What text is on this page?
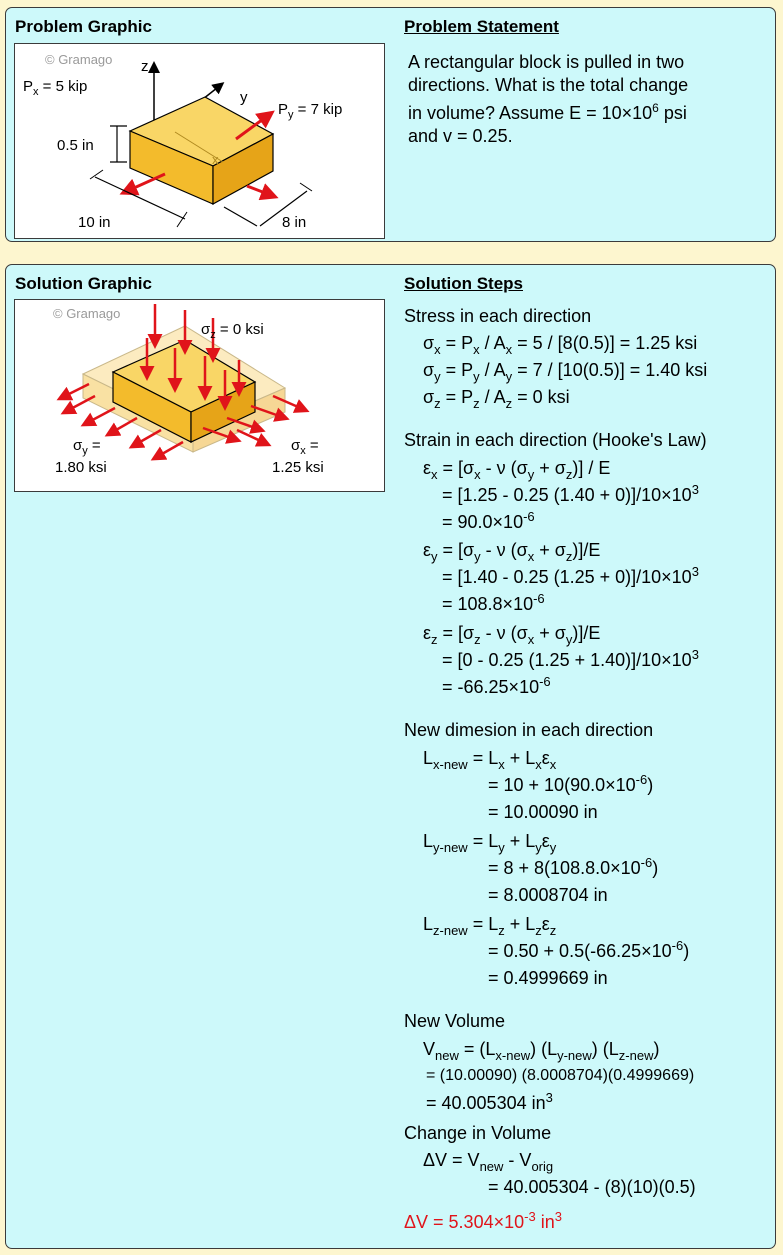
Problem Graphic	Problem Statement
© Gramago z
y
x
$P_x = 5$ kip
$P_y = 7$ kip
0.5 in
10 in	8 in
A rectangular block is pulled in two
directions. What is the total change
in volume? Assume $E = 10\times 10^6$ psi
and v = 0.25.
Solution Graphic	Solution Steps
© Gramago
$\sigma_z = 0$ ksi
$\sigma_y$ =
1.80 ksi
$\sigma_x$ =
1.25 ksi
Stress in each direction
$\sigma_x = P_x / A_x = 5 / [8(0.5)] = 1.25$ ksi
$\sigma_y = P_y / A_y = 7 / [10(0.5)] = 1.40$ ksi
$\sigma_z = P_z / A_z = 0$ ksi
Strain in each direction (Hooke's Law)
$\varepsilon_x = [\sigma_x - \nu$ $(\sigma_y + \sigma_z)] / E$
= [1.25 - 0.25 $(1.40 + 0)]/10\times 10^3$
= $90.0\times 10^{-6}$
$\varepsilon_y = [\sigma_y - \nu$ $(\sigma_x + \sigma_z)]/E$
= [1.40 - 0.25 $(1.25 + 0)]/10\times 10^3$
= $108.8\times 10^{-6}$
$\varepsilon_z = [\sigma_z - \nu$ $(\sigma_x + \sigma_y)]/E$
= [0 - 0.25 $(1.25 + 1.40)]/10\times 10^3$
= $-66.25\times 10^{-6}$
New dimesion in each direction
$L_{x-new} = L_x + L_x\varepsilon_x$
= $10 + 10(90.0\times 10^{-6})$
= 10.00090 in
$L_{y-new} = L_y + L_y\varepsilon_y$
= $8 + 8(108.8.0\times 10^{-6})$
= 8.0008704 in
$L_{z-new} = L_z + L_z\varepsilon_z$
= $0.50 + 0.5(-66.25\times 10^{-6})$
= 0.4999669 in
New Volume
$V_{new} = (L_{x-new})$ $(L_{y-new})$ $(L_{z-new})$
= (10.00090) (8.0008704)(0.4999669)
= 40.005304 $in^3$
Change in Volume
$\Delta V = V_{new} - V_{orig}$
= 40.005304 - (8)(10)(0.5)
$\Delta V = 5.304\times 10^{-3}$ $in^3$
